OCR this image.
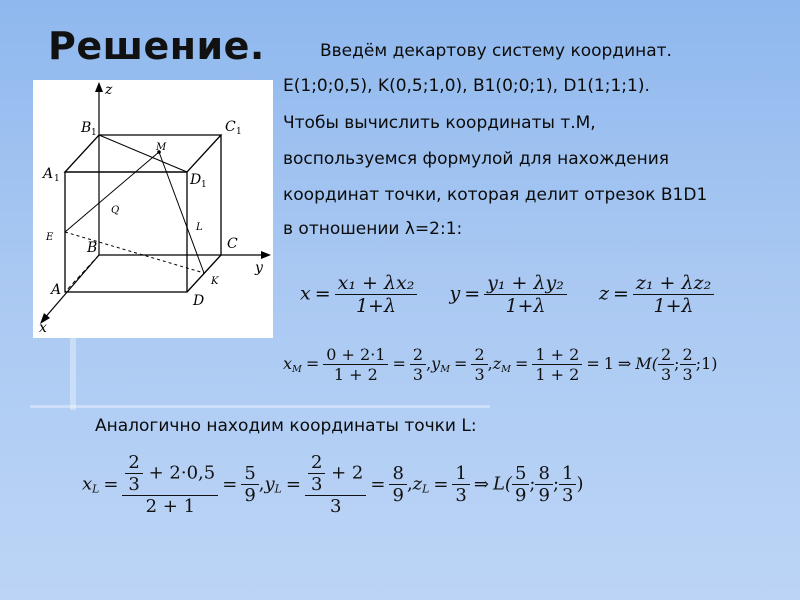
Решение.
z
y
x
B 1	C 1
A 1	D 1
M
Q
L
E
B	C
A
D
K
Введём декартову систему координат.
E(1;0;0,5), K(0,5;1,0), B1(0;0;1), D1(1;1;1).
Чтобы вычислить координаты т.M,
воспользуемся формулой для нахождения
координат точки, которая делит отрезок B1D1
в отношении λ=2:1:
$x = \frac{\text{x₁ + λx₂}}{1+\lambda}$ $y = \frac{\text{y₁ + λy₂}}{1+\lambda}$ $z = \frac{\text{z₁ + λz₂}}{1+\lambda}$
$x_M = \frac{0 + 2\cdot 1}{1 + 2} = \frac{2}{3} ,y_M = \frac{2}{3} ,z_M = \frac{1 + 2}{1 + 2} = 1$ ⇒ $M( \frac{2}{3}$ ; $\frac{2}{3}$ ;1)
Аналогично находим координаты точки L:
$x_L = \frac{\frac{2}{3} + 2\cdot 0,5}{2 + 1} = \frac{5}{9} ,y_L = \frac{\frac{2}{3} + 2}{3} = \frac{8}{9} ,z_L = \frac{1}{3}$ ⇒ $L( \frac{5}{9}$ ; $\frac{8}{9}$ ; $\frac{1}{3}$ )
